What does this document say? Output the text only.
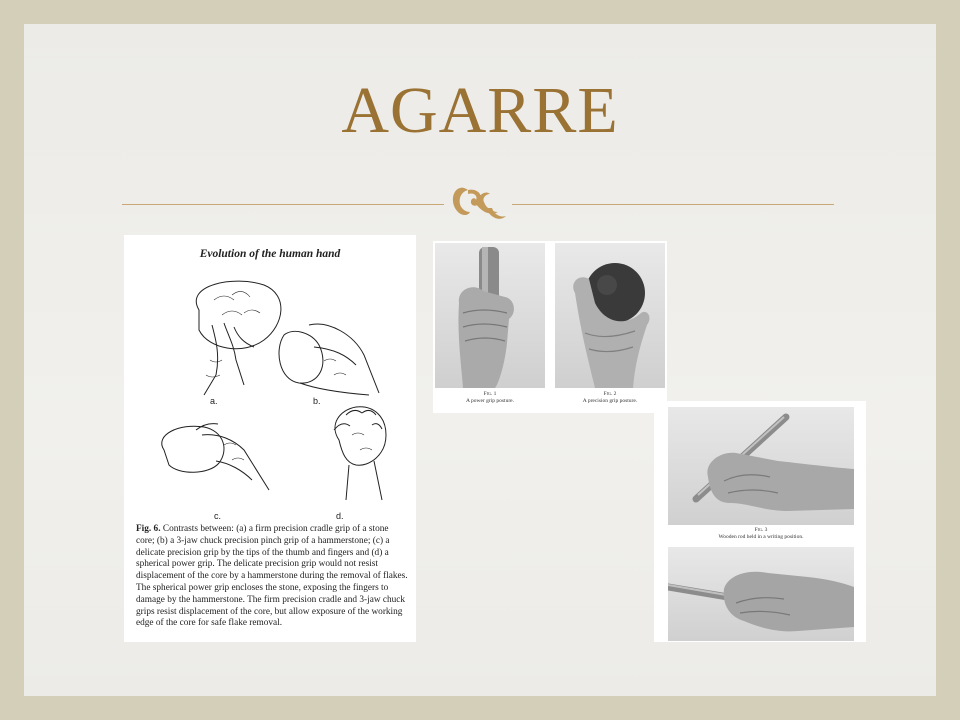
AGARRE
Evolution of the human hand
a.	b.
c.	d.
Fig. 6. Contrasts between: (a) a firm precision cradle grip of a stone core; (b) a 3-jaw chuck precision pinch grip of a hammerstone; (c) a delicate precision grip by the tips of the thumb and fingers and (d) a spherical power grip. The delicate precision grip would not resist displacement of the core by a hammerstone during the removal of flakes. The spherical power grip encloses the stone, exposing the fingers to damage by the hammerstone. The firm precision cradle and 3-jaw chuck grips resist displacement of the core, but allow exposure of the working edge of the core for safe flake removal.
Fig. 1
A power grip posture.
Fig. 2
A precision grip posture.
Fig. 3
Wooden rod held in a writing position.
